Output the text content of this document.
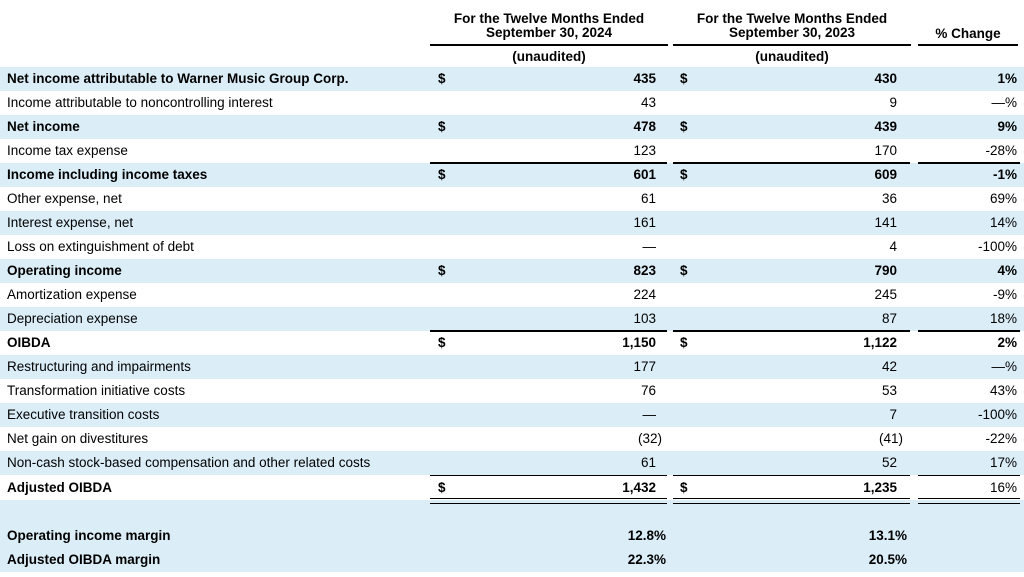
For the Twelve Months Ended September 30, 2024
(unaudited)
For the Twelve Months Ended September 30, 2023
(unaudited)
% Change
Net income attributable to Warner Music Group Corp.	$	435 $	430	1%
Income attributable to noncontrolling interest	43	9	—%
Net income	$	478 $	439	9%
Income tax expense	123	170	-28%
Income including income taxes	$	601 $	609	-1%
Other expense, net	61	36	69%
Interest expense, net	161	141	14%
Loss on extinguishment of debt	—	4	-100%
Operating income	$	823 $	790	4%
Amortization expense	224	245	-9%
Depreciation expense	103	87	18%
OIBDA	$	1,150 $	1,122	2%
Restructuring and impairments	177	42	—%
Transformation initiative costs	76	53	43%
Executive transition costs	—	7	-100%
Net gain on divestitures	(32)	(41)	-22%
Non-cash stock-based compensation and other related costs	61	52	17%
Adjusted OIBDA	$	1,432 $	1,235	16%
Operating income margin	12.8%	13.1%
Adjusted OIBDA margin	22.3%	20.5%
